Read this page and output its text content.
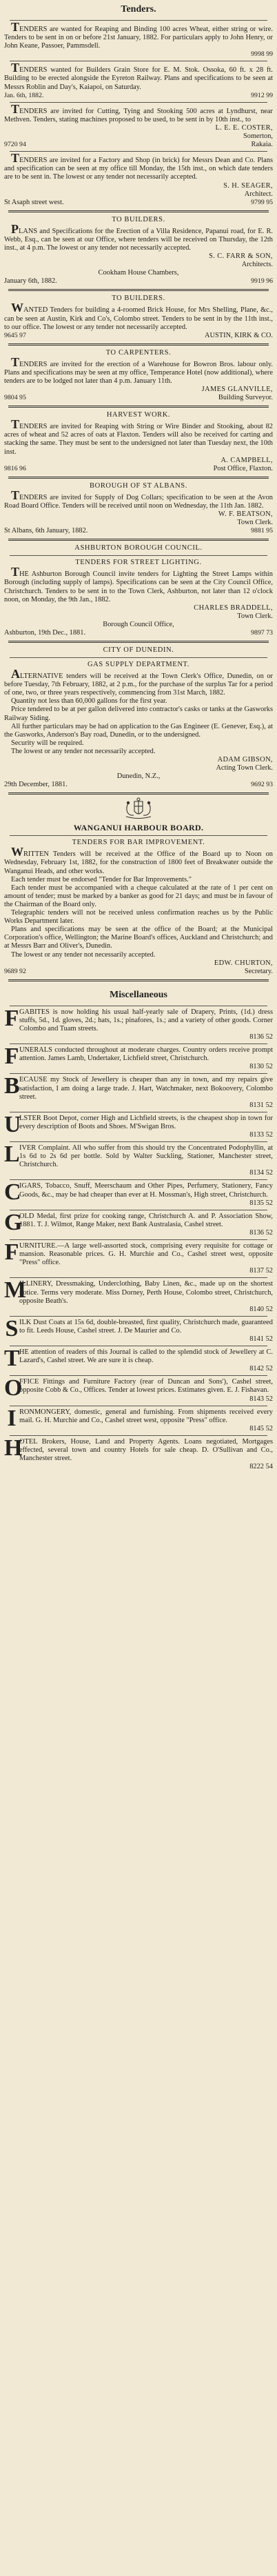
Tenders.

TENDERS are wanted for Reaping and Binding 100 acres Wheat, either string or wire. Tenders to be sent in on or before 21st January, 1882. For particulars apply to John Henry, or John Keane, Passoer, Pammsdell.

9998 99

TENDERS wanted for Builders Grain Store for E. M. Stok. Ossoka, 60 ft. x 28 ft. Building to be erected alongside the Eyreton Railway. Plans and specifications to be seen at Messrs Roblin and Day's, Kaiapoi, on Saturday.

Jan. 6th, 1882.	9912 99

TENDERS are invited for Cutting, Tying and Stooking 500 acres at Lyndhurst, near Methven. Tenders, stating machines proposed to be used, to be sent in by 10th inst., to

L. E. E. COSTER,

Somerton,

9720 94	Rakaia.

TENDERS are invited for a Factory and Shop (in brick) for Messrs Dean and Co. Plans and specification can be seen at my office till Monday, the 15th inst., on which date tenders are to be sent in. The lowest or any tender not necessarily accepted.

S. H. SEAGER,

Architect.

St Asaph street west.	9799 95
TO BUILDERS.

PLANS and Specifications for the Erection of a Villa Residence, Papanui road, for E. R. Webb, Esq., can be seen at our Office, where tenders will be received on Thursday, the 12th inst., at 4 p.m. The lowest or any tender not necessarily accepted.

S. C. FARR & SON,

Architects.

Cookham House Chambers,

January 6th, 1882.	9919 96
TO BUILDERS.

WANTED Tenders for building a 4-roomed Brick House, for Mrs Shelling, Plane, &c., can be seen at Austin, Kirk and Co's, Colombo street. Tenders to be sent in by the 11th inst., to our office. The lowest or any tender not necessarily accepted.

9645 97	AUSTIN, KIRK & CO.
TO CARPENTERS.

TENDERS are invited for the erection of a Warehouse for Bowron Bros. labour only. Plans and specifications may be seen at my office, Temperance Hotel (now additional), where tenders are to be lodged not later than 4 p.m. January 11th.

JAMES GLANVILLE,

9804 95	Building Surveyor.
HARVEST WORK.

TENDERS are invited for Reaping with String or Wire Binder and Stooking, about 82 acres of wheat and 52 acres of oats at Flaxton. Tenders will also be received for carting and stacking the same. They must be sent to the undersigned not later than Tuesday next, the 10th inst.

A. CAMPBELL,

9816 96	Post Office, Flaxton.
BOROUGH OF ST ALBANS.

TENDERS are invited for Supply of Dog Collars; specification to be seen at the Avon Road Board Office. Tenders will be received until noon on Wednesday, the 11th Jan. 1882.

W. F. BEATSON,

Town Clerk.

St Albans, 6th January, 1882.	9881 95
ASHBURTON BOROUGH COUNCIL.
TENDERS FOR STREET LIGHTING.

THE Ashburton Borough Council invite tenders for Lighting the Street Lamps within Borough (including supply of lamps). Specifications can be seen at the City Council Office, Christchurch. Tenders to be sent in to the Town Clerk, Ashburton, not later than 12 o'clock noon, on Monday, the 9th Jan., 1882.

CHARLES BRADDELL,

Town Clerk.

Borough Council Office,

Ashburton, 19th Dec., 1881.	9897 73
CITY OF DUNEDIN.
GAS SUPPLY DEPARTMENT.

ALTERNATIVE tenders will be received at the Town Clerk's Office, Dunedin, on or before Tuesday, 7th February, 1882, at 2 p.m., for the purchase of the surplus Tar for a period of one, two, or three years respectively, commencing from 31st March, 1882.

Quantity not less than 60,000 gallons for the first year.

Price tendered to be at per gallon delivered into contractor's casks or tanks at the Gasworks Railway Siding.

All further particulars may be had on application to the Gas Engineer (E. Genever, Esq.), at the Gasworks, Anderson's Bay road, Dunedin, or to the undersigned.

Security will be required.

The lowest or any tender not necessarily accepted.

ADAM GIBSON,

Acting Town Clerk.

Dunedin, N.Z.,

29th December, 1881.	9692 93
WANGANUI HARBOUR BOARD.
TENDERS FOR BAR IMPROVEMENT.

WRITTEN Tenders will be received at the Office of the Board up to Noon on Wednesday, February 1st, 1882, for the construction of 1800 feet of Breakwater outside the Wanganui Heads, and other works.

Each tender must be endorsed "Tender for Bar Improvements."

Each tender must be accompanied with a cheque calculated at the rate of 1 per cent on amount of tender; must be marked by a banker as good for 21 days; and must be in favour of the Chairman of the Board only.

Telegraphic tenders will not be received unless confirmation reaches us by the Public Works Department later.

Plans and specifications may be seen at the office of the Board; at the Municipal Corporation's office, Wellington; the Marine Board's offices, Auckland and Christchurch; and at Messrs Barr and Oliver's, Dunedin.

The lowest or any tender not necessarily accepted.

EDW. CHURTON,

9689 92	Secretary.
Miscellaneous
F GABITES is now holding his usual half-yearly sale of Drapery, Prints, (1d.) dress stuffs, 5d., 1d. gloves, 2d.; hats, 1s.; pinafores, 1s.; and a variety of other goods. Corner Colombo and Tuam streets.
8136 52
F UNERALS conducted throughout at moderate charges. Country orders receive prompt attention. James Lamb, Undertaker, Lichfield street, Christchurch.
8130 52
B ECAUSE my Stock of Jewellery is cheaper than any in town, and my repairs give satisfaction, I am doing a large trade. J. Hart, Watchmaker, next Bokoovery, Colombo street.
8131 52
U
LSTER Boot Depot, corner High and Lichfield streets, is the cheapest shop in town for every description of Boots and Shoes. M'Swigan Bros.
8133 52
L IVER Complaint. All who suffer from this should try the Concentrated Podophyllin, at 1s 6d to 2s 6d per bottle. Sold by Walter Suckling, Stationer, Manchester street, Christchurch.
8134 52
C
IGARS, Tobacco, Snuff, Meerschaum and Other Pipes, Perfumery, Stationery, Fancy Goods, &c., may be had cheaper than ever at H. Mossman's, High street, Christchurch.
8135 52
G
OLD Medal, first prize for cooking range, Christchurch A. and P. Association Show, 1881. T. J. Wilmot, Range Maker, next Bank Australasia, Cashel street.
8136 52
F URNITURE.—A large well-assorted stock, comprising every requisite for cottage or mansion. Reasonable prices. G. H. Murchie and Co., Cashel street west, opposite "Press" office.
8137 52
M
ILLINERY, Dressmaking, Underclothing, Baby Linen, &c., made up on the shortest notice. Terms very moderate. Miss Dorney, Perth House, Colombo street, Christchurch, opposite Beath's.
8140 52
S ILK Dust Coats at 15s 6d, double-breasted, first quality, Christchurch made, guaranteed to fit. Leeds House, Cashel street. J. De Maurier and Co.
8141 52
T HE attention of readers of this Journal is called to the splendid stock of Jewellery at C. Lazard's, Cashel street. We are sure it is cheap.
8142 52
O
FFICE Fittings and Furniture Factory (rear of Duncan and Sons'), Cashel street, opposite Cobb & Co., Offices. Tender at lowest prices. Estimates given. E. J. Fishavan.
8143 52
I RONMONGERY, domestic, general and furnishing. From shipments received every mail. G. H. Murchie and Co., Cashel street west, opposite "Press" office.
8145 52
H
OTEL Brokers, House, Land and Property Agents. Loans negotiated, Mortgages effected, several town and country Hotels for sale cheap. D. O'Sullivan and Co., Manchester street.
8222 54
